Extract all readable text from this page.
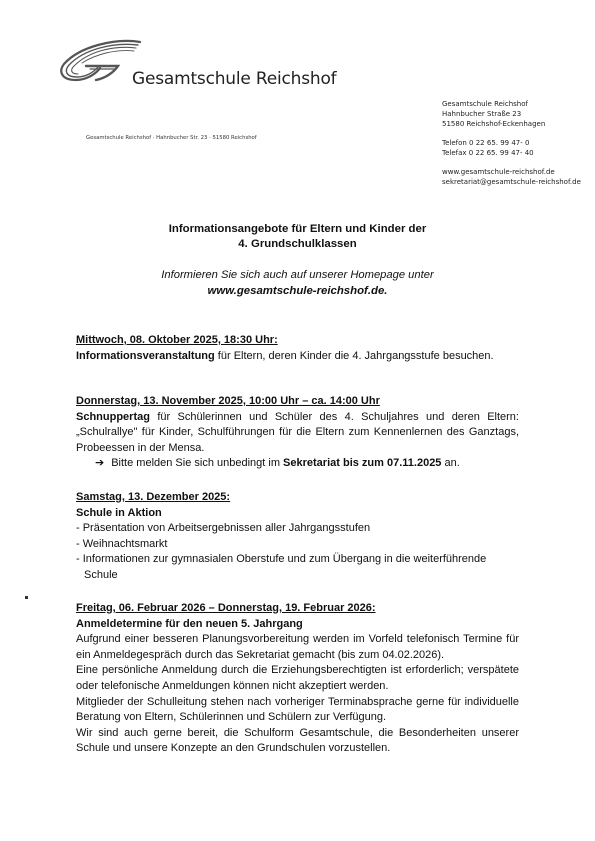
Gesamtschule Reichshof
Gesamtschule Reichshof · Hahnbucher Str. 23 · 51580 Reichshof
Gesamtschule Reichshof
Hahnbucher Straße 23
51580 Reichshof-Eckenhagen
Telefon 0 22 65. 99 47- 0
Telefax 0 22 65. 99 47- 40
www.gesamtschule-reichshof.de
sekretariat@gesamtschule-reichshof.de
Informationsangebote für Eltern und Kinder der
4. Grundschulklassen
Informieren Sie sich auch auf unserer Homepage unter
www.gesamtschule-reichshof.de.
Mittwoch, 08. Oktober 2025, 18:30 Uhr:
Informationsveranstaltung für Eltern, deren Kinder die 4. Jahrgangsstufe besuchen.
Donnerstag, 13. November 2025, 10:00 Uhr – ca. 14:00 Uhr
Schnuppertag für Schülerinnen und Schüler des 4. Schuljahres und deren Eltern: „Schulrallye" für Kinder, Schulführungen für die Eltern zum Kennenlernen des Ganztags, Probeessen in der Mensa.
➔ Bitte melden Sie sich unbedingt im Sekretariat bis zum 07.11.2025 an.
Samstag, 13. Dezember 2025:
Schule in Aktion
- Präsentation von Arbeitsergebnissen aller Jahrgangsstufen
- Weihnachtsmarkt
- Informationen zur gymnasialen Oberstufe und zum Übergang in die weiterführende Schule
Freitag, 06. Februar 2026 – Donnerstag, 19. Februar 2026:
Anmeldetermine für den neuen 5. Jahrgang
Aufgrund einer besseren Planungsvorbereitung werden im Vorfeld telefonisch Termine für ein Anmeldegespräch durch das Sekretariat gemacht (bis zum 04.02.2026).
Eine persönliche Anmeldung durch die Erziehungsberechtigten ist erforderlich; verspätete oder telefonische Anmeldungen können nicht akzeptiert werden.
Mitglieder der Schulleitung stehen nach vorheriger Terminabsprache gerne für individuelle Beratung von Eltern, Schülerinnen und Schülern zur Verfügung.
Wir sind auch gerne bereit, die Schulform Gesamtschule, die Besonderheiten unserer Schule und unsere Konzepte an den Grundschulen vorzustellen.
